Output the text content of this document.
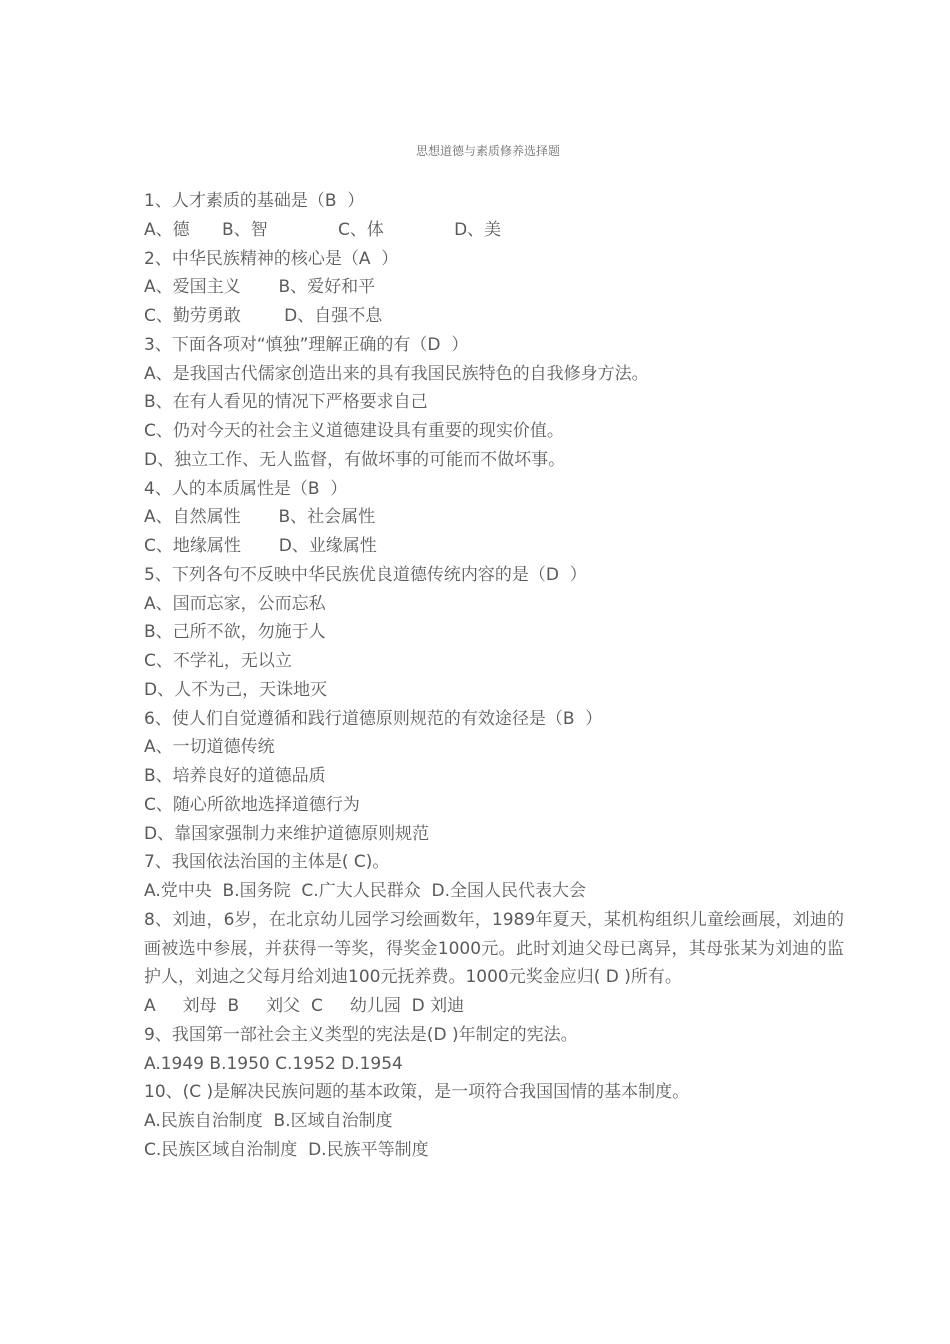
思想道德与素质修养选择题
1、人才素质的基础是（B  ）
A、德      B、智             C、体             D、美
2、中华民族精神的核心是（A  ）
A、爱国主义       B、爱好和平
C、勤劳勇敢        D、自强不息
3、下面各项对“慎独”理解正确的有（D  ）
A、是我国古代儒家创造出来的具有我国民族特色的自我修身方法。
B、在有人看见的情况下严格要求自己
C、仍对今天的社会主义道德建设具有重要的现实价值。
D、独立工作、无人监督，有做坏事的可能而不做坏事。
4、人的本质属性是（B  ）
A、自然属性       B、社会属性
C、地缘属性       D、业缘属性
5、下列各句不反映中华民族优良道德传统内容的是（D  ）
A、国而忘家，公而忘私
B、己所不欲，勿施于人
C、不学礼，无以立
D、人不为己，天诛地灭
6、使人们自觉遵循和践行道德原则规范的有效途径是（B  ）
A、一切道德传统
B、培养良好的道德品质
C、随心所欲地选择道德行为
D、靠国家强制力来维护道德原则规范
7、我国依法治国的主体是( C)。
A.党中央  B.国务院  C.广大人民群众  D.全国人民代表大会
8、刘迪，6岁，在北京幼儿园学习绘画数年，1989年夏天，某机构组织儿童绘画展，刘迪的画被选中参展，并获得一等奖，得奖金1000元。此时刘迪父母已离异，其母张某为刘迪的监护人，刘迪之父每月给刘迪100元抚养费。1000元奖金应归( D )所有。
A     刘母  B     刘父  C     幼儿园  D 刘迪
9、我国第一部社会主义类型的宪法是(D )年制定的宪法。
A.1949 B.1950 C.1952 D.1954
10、(C )是解决民族问题的基本政策，是一项符合我国国情的基本制度。
A.民族自治制度  B.区域自治制度
C.民族区域自治制度  D.民族平等制度
